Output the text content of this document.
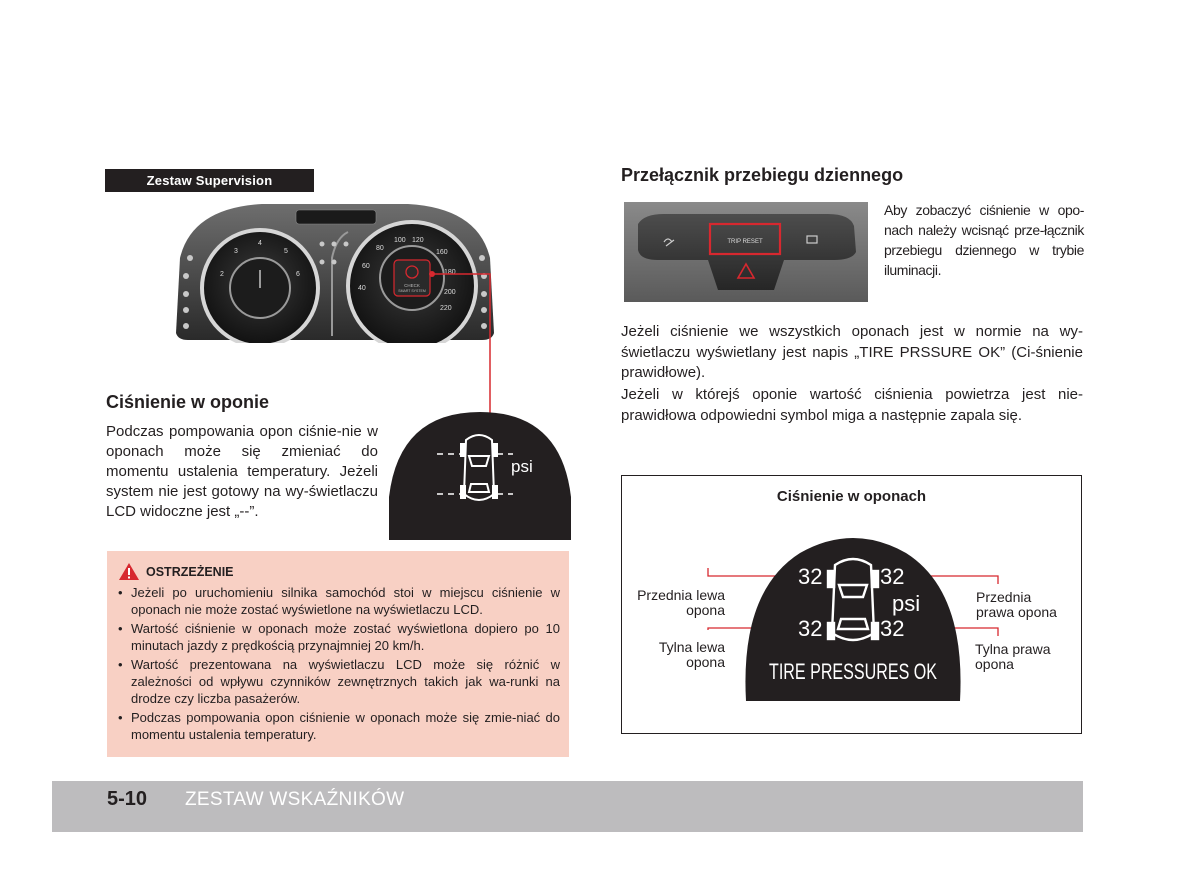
Zestaw Supervision
2
3
4
5
6
40
60
80
100 120
160
180
200
220
CHECK
SMART SYSTEM
Ciśnienie w oponie

Podczas pompowania opon ciśnie-nie w oponach może się zmieniać do momentu ustalenia temperatury. Jeżeli system nie jest gotowy na wy-świetlaczu LCD widoczne jest „--”.

psi
OSTRZEŻENIE
• Jeżeli po uruchomieniu silnika samochód stoi w miejscu ciśnienie w oponach nie może zostać wyświetlone na wyświetlaczu LCD.
• Wartość ciśnienie w oponach może zostać wyświetlona dopiero po 10 minutach jazdy z prędkością przynajmniej 20 km/h.
• Wartość prezentowana na wyświetlaczu LCD może się różnić w zależności od wpływu czynników zewnętrznych takich jak wa-runki na drodze czy liczba pasażerów.
• Podczas pompowania opon ciśnienie w oponach może się zmie-niać do momentu ustalenia temperatury.
Przełącznik przebiegu dziennego
TRIP RESET

Aby zobaczyć ciśnienie w opo-nach należy wcisnąć prze-łącznik przebiegu dziennego w trybie iluminacji.

Jeżeli ciśnienie we wszystkich oponach jest w normie na wy-świetlaczu wyświetlany jest napis „TIRE PRSSURE OK” (Ci-śnienie prawidłowe).

Jeżeli w którejś oponie wartość ciśnienia powietrza jest nie-prawidłowa odpowiedni symbol miga a następnie zapala się.

Ciśnienie w oponach
32	32
32	32
psi
TIRE PRESSURES OK
Przednia lewa
opona
Tylna lewa
opona
Przednia
prawa opona
Tylna prawa
opona
5-10 ZESTAW WSKAŹNIKÓW
